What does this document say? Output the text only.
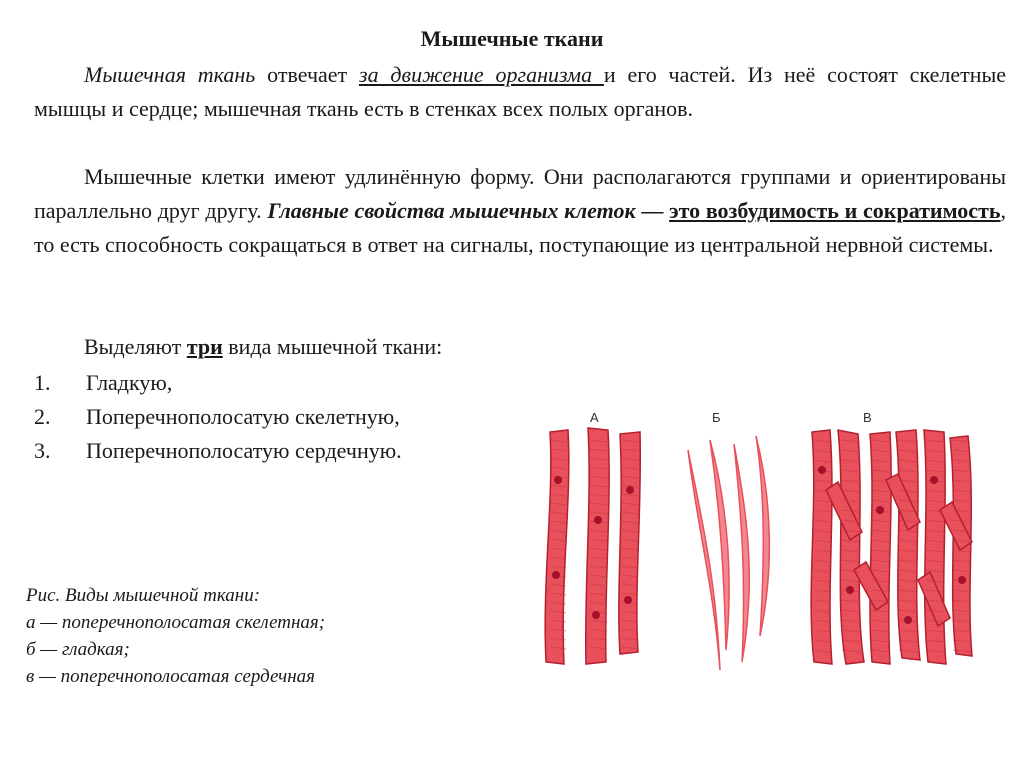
Мышечные ткани

Мышечная ткань отвечает за движение организма и его частей. Из неё состоят скелетные мышцы и сердце; мышечная ткань есть в стенках всех полых органов.

Мышечные клетки имеют удлинённую форму. Они располагаются группами и ориентированы параллельно друг другу. Главные свойства мышечных клеток — это возбудимость и сократимость, то есть способность сокращаться в ответ на сигналы, поступающие из центральной нервной системы.

Выделяют три вида мышечной ткани:

1.	Гладкую,
2.	Поперечнополосатую скелетную,
3.	Поперечнополосатую сердечную.
Рис. Виды мышечной ткани:
а — поперечнополосатая скелетная;
б — гладкая;
в — поперечнополосатая сердечная
А	Б	В
